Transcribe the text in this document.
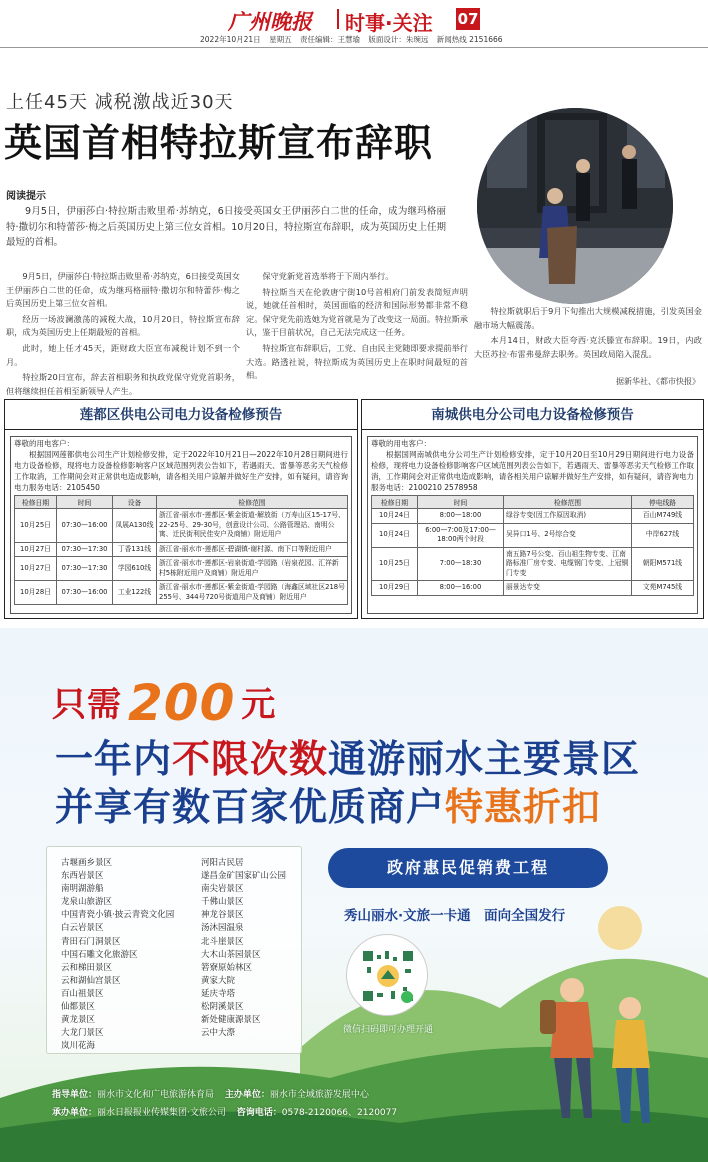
广州晚报 时事·关注 07
2022年10月21日 星期五 责任编辑：王慧瑜 版面设计：朱琬远 新闻热线 2151666
上任45天 减税激战近30天
英国首相特拉斯宣布辞职
阅读提示
9月5日，伊丽莎白·特拉斯击败里希·苏纳克，6日接受英国女王伊丽莎白二世的任命，成为继玛格丽特·撒切尔和特蕾莎·梅之后英国历史上第三位女首相。10月20日，特拉斯宣布辞职，成为英国历史上任期最短的首相。

9月5日，伊丽莎白·特拉斯击败里希·苏纳克，6日接受英国女王伊丽莎白二世的任命，成为继玛格丽特·撒切尔和特蕾莎·梅之后英国历史上第三位女首相。

经历一场波澜激荡的减税大战，10月20日，特拉斯宣布辞职，成为英国历史上任期最短的首相。

此时，她上任才45天，距财政大臣宣布减税计划不到一个月。

特拉斯20日宣布，辞去首相职务和执政党保守党党首职务，但将继续担任首相至新领导人产生。

保守党新党首选举将于下周内举行。

特拉斯当天在伦敦唐宁街10号首相府门前发表简短声明说，她就任首相时，英国面临的经济和国际形势都非常不稳定。保守党先前选她为党首就是为了改变这一局面。特拉斯承认，鉴于目前状况，自己无法完成这一任务。

特拉斯宣布辞职后，工党、自由民主党随即要求提前举行大选。路透社说，特拉斯成为英国历史上在职时间最短的首相。

特拉斯就职后于9月下旬推出大规模减税措施，引发英国金融市场大幅震荡。

本月14日，财政大臣夸西·克沃滕宣布辞职。19日，内政大臣苏拉·布雷弗曼辞去职务。英国政局陷入混乱。

据新华社、《都市快报》
莲都区供电公司电力设备检修预告
尊敬的用电客户：
根据国网莲都供电公司生产计划检修安排，定于2022年10月21日—2022年10月28日期间进行电力设备检修，现将电力设备检修影响客户区域范围列表公告如下，若遇雨天、雷暴等恶劣天气检修工作取消，工作期间会对正常供电造成影响，请各相关用户谅解并做好生产安排，如有疑问，请咨询电力服务电话：2105450
检修日期	时间	设备	检修范围
10月25日	07:30—16:00	凤展A130线	浙江省-丽水市-莲都区-紫金街道-解放街（万寿山区15-17号、22-25号、29-30号，创意设计公司、公路管理站、南明公寓、迁民街利民佳安户及商铺）附近用户
10月27日	07:30—17:30	丁香131线	浙江省-丽水市-莲都区-碧湖镇-谢村源、南下口等附近用户
10月27日	07:30—17:30	学园610线	浙江省-丽水市-莲都区-岩泉街道-学园路（岩泉花园、汇祥新村5栋附近用户及商铺）附近用户
10月28日	07:30—16:00	工业122线	浙江省-丽水市-莲都区-紫金街道-学园路（海鑫区域社区218号255号、344号720号街道用户及商铺）附近用户
南城供电分公司电力设备检修预告
尊敬的用电客户：
根据国网南城供电分公司生产计划检修安排，定于10月20日至10月29日期间进行电力设备检修，现将电力设备检修影响客户区域范围列表公告如下，若遇雨天、雷暴等恶劣天气检修工作取消，工作期间会对正常供电造成影响，请各相关用户谅解并做好生产安排，如有疑问，请咨询电力服务电话：2100210 2578958
检修日期	时间	检修范围	停电线路
10月24日	8:00—18:00	绿谷专变(因工作原因取消)	百山M749线
10月24日	6:00—7:00及17:00—18:00两个时段	吴异口1号、2号综合变	中岸627线
10月25日	7:00—18:30	南五路7号公变、百山祖生物专变、江南路标准厂房专变、电缆钢门专变、上冠铜门专变	朝阳M571线
10月29日	8:00—16:00	丽景达专变	文苑M745线
只需 200 元
一年内不限次数通游丽水主要景区
并享有数百家优质商户特惠折扣
古堰画乡景区
东西岩景区
南明湖游船
龙泉山旅游区
中国青瓷小镇·披云青瓷文化园
白云岩景区
青田石门洞景区
中国石雕文化旅游区
云和梯田景区
云和湖仙宫景区
百山祖景区
仙都景区
黄龙景区
大龙门景区
岚川花海
河阳古民居
遂昌金矿国家矿山公园
南尖岩景区
千佛山景区
神龙谷景区
汤沐园温泉
北斗崖景区
大木山茶园景区
箬寮原始林区
黄家大院
延庆寺塔
松阴溪景区
新处健康源景区
云中大漈
政府惠民促销费工程
秀山丽水·文旅一卡通　面向全国发行
微信扫码即可办理开通
指导单位：丽水市文化和广电旅游体育局 主办单位：丽水市全域旅游发展中心
承办单位：丽水日报报业传媒集团·文旅公司 咨询电话：0578-2120066、2120077
